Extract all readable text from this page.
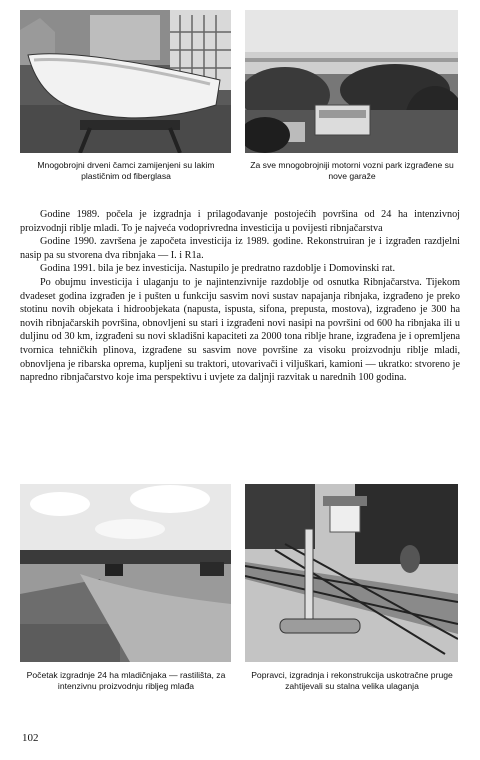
Mnogobrojni drveni čamci zamijenjeni su lakim plastičnim od fiberglasa
Za sve mnogobrojniji motorni vozni park izgrađene su nove garaže

Godine 1989. počela je izgradnja i prilagođavanje postojećih površina od 24 ha intenzivnoj proizvodnji riblje mladi. To je najveća vodoprivredna investicija u povijesti ribnjačarstva

Godine 1990. završena je započeta investicija iz 1989. godine. Rekonstruiran je i izgrađen razdjelni nasip pa su stvorena dva ribnjaka — I. i R1a.

Godina 1991. bila je bez investicija. Nastupilo je predratno razdoblje i Domovinski rat.

Po obujmu investicija i ulaganju to je najintenzivnije razdoblje od osnutka Ribnjačarstva. Tijekom dvadeset godina izgrađen je i pušten u funkciju sasvim novi sustav napajanja ribnjaka, izgrađeno je preko stotinu novih objekata i hidroobjekata (napusta, ispusta, sifona, prepusta, mostova), izgrađeno je 300 ha novih ribnjačarskih površina, obnovljeni su stari i izgrađeni novi nasipi na površini od 600 ha ribnjaka ili u duljinu od 30 km, izgrađeni su novi skladišni kapaciteti za 2000 tona riblje hrane, izgrađena je i opremljena tvornica tehničkih plinova, izgrađene su sasvim nove površine za visoku proizvodnju riblje mladi, obnovljena je ribarska oprema, kupljeni su traktori, utovarivači i viljuškari, kamioni — ukratko: stvoreno je napredno ribnjačarstvo koje ima perspektivu i uvjete za daljnji razvitak u narednih 100 godina.

Početak izgradnje 24 ha mladičnjaka — rastilišta, za intenzivnu proizvodnju ribljeg mlađa
Popravci, izgradnja i rekonstrukcija uskotračne pruge zahtijevali su stalna velika ulaganja
102
